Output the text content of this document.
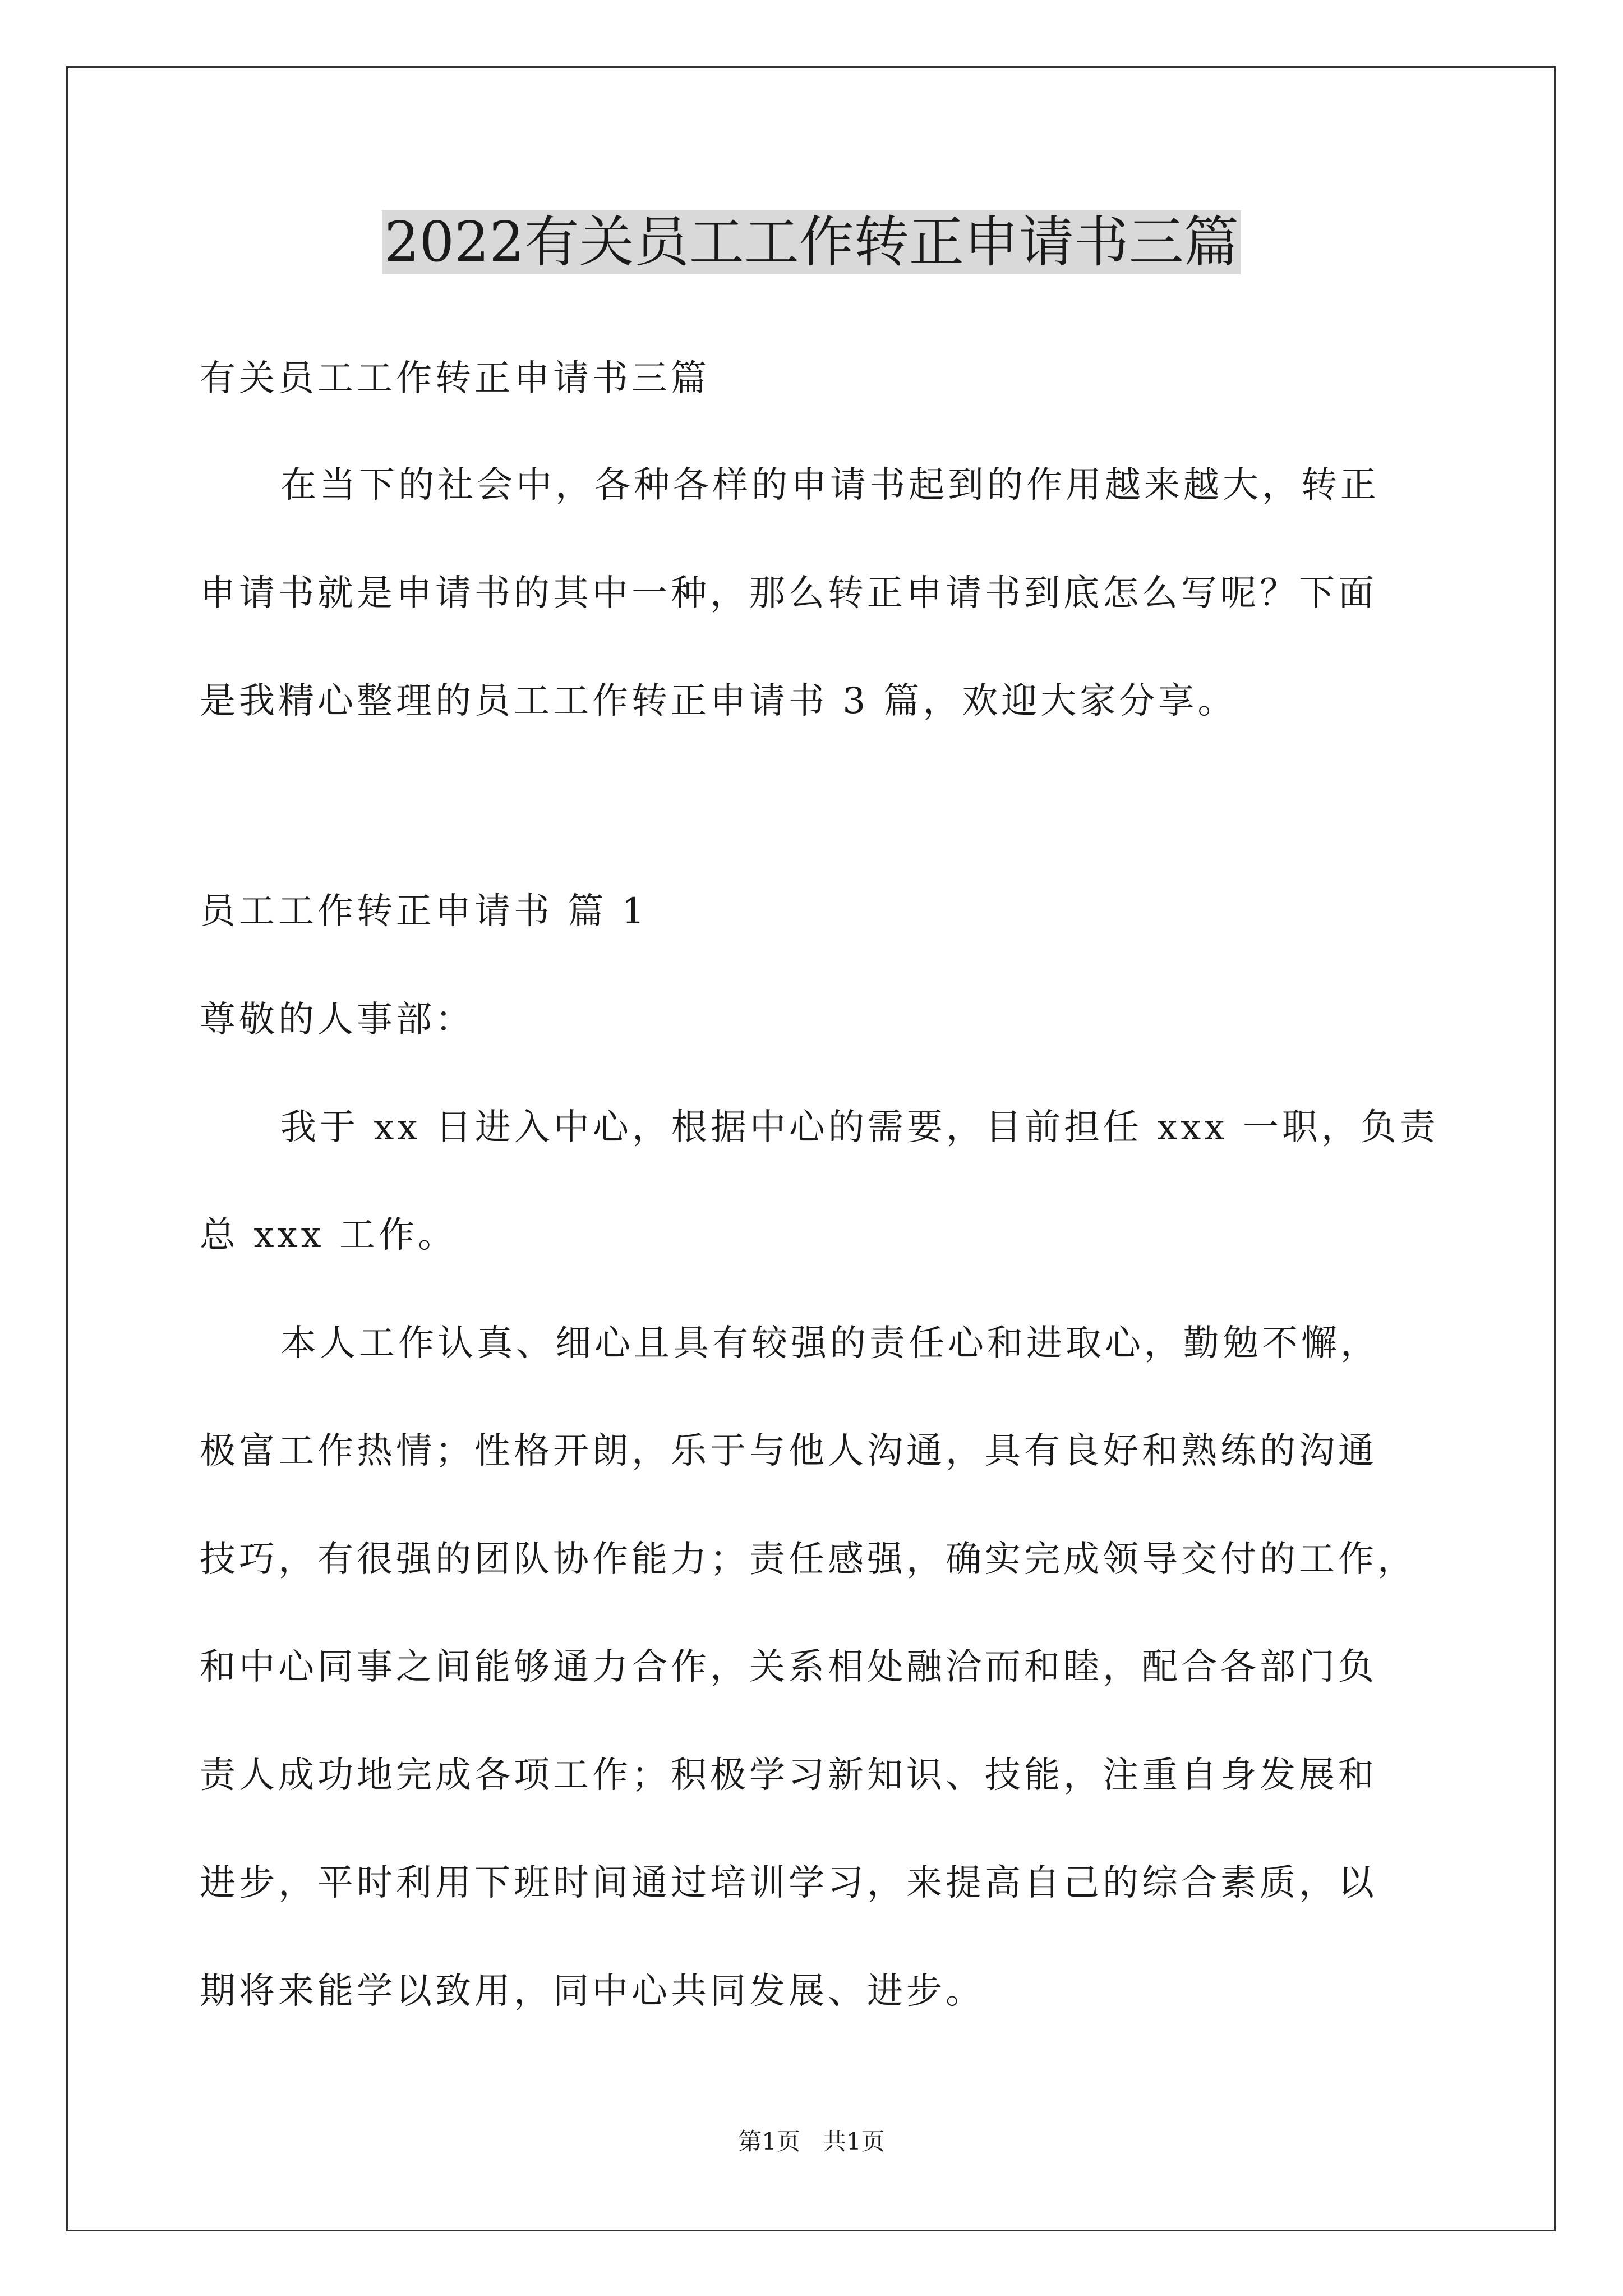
2022有关员工工作转正申请书三篇
有关员工工作转正申请书三篇
在当下的社会中，各种各样的申请书起到的作用越来越大，转正
申请书就是申请书的其中一种，那么转正申请书到底怎么写呢？下面
是我精心整理的员工工作转正申请书 3 篇，欢迎大家分享。
员工工作转正申请书 篇 1
尊敬的人事部：
我于 xx 日进入中心，根据中心的需要，目前担任 xxx 一职，负责
总 xxx 工作。
本人工作认真、细心且具有较强的责任心和进取心，勤勉不懈，
极富工作热情；性格开朗，乐于与他人沟通，具有良好和熟练的沟通
技巧，有很强的团队协作能力；责任感强，确实完成领导交付的工作，
和中心同事之间能够通力合作，关系相处融洽而和睦，配合各部门负
责人成功地完成各项工作；积极学习新知识、技能，注重自身发展和
进步，平时利用下班时间通过培训学习，来提高自己的综合素质，以
期将来能学以致用，同中心共同发展、进步。
第1页   共1页
